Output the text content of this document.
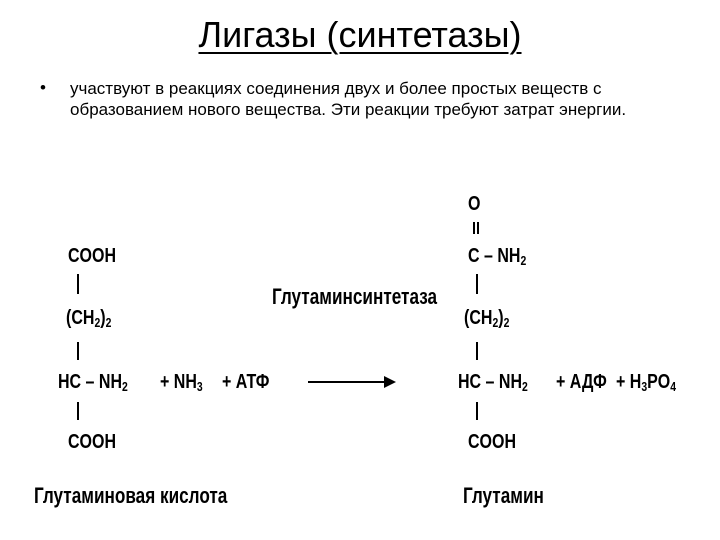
Лигазы (синтетазы)
• участвуют в реакциях соединения двух и более простых веществ с образованием нового вещества. Эти реакции требуют затрат энергии.
COOH
$(CH_2)_2$
HC – $NH_2$
COOH
+ $NH_3$ + АТФ
Глутаминсинтетаза
O
C – $NH_2$
$(CH_2)_2$
HC – $NH_2$
COOH
+ АДФ + $H_3PO_4$
Глутаминовая кислота	Глутамин
